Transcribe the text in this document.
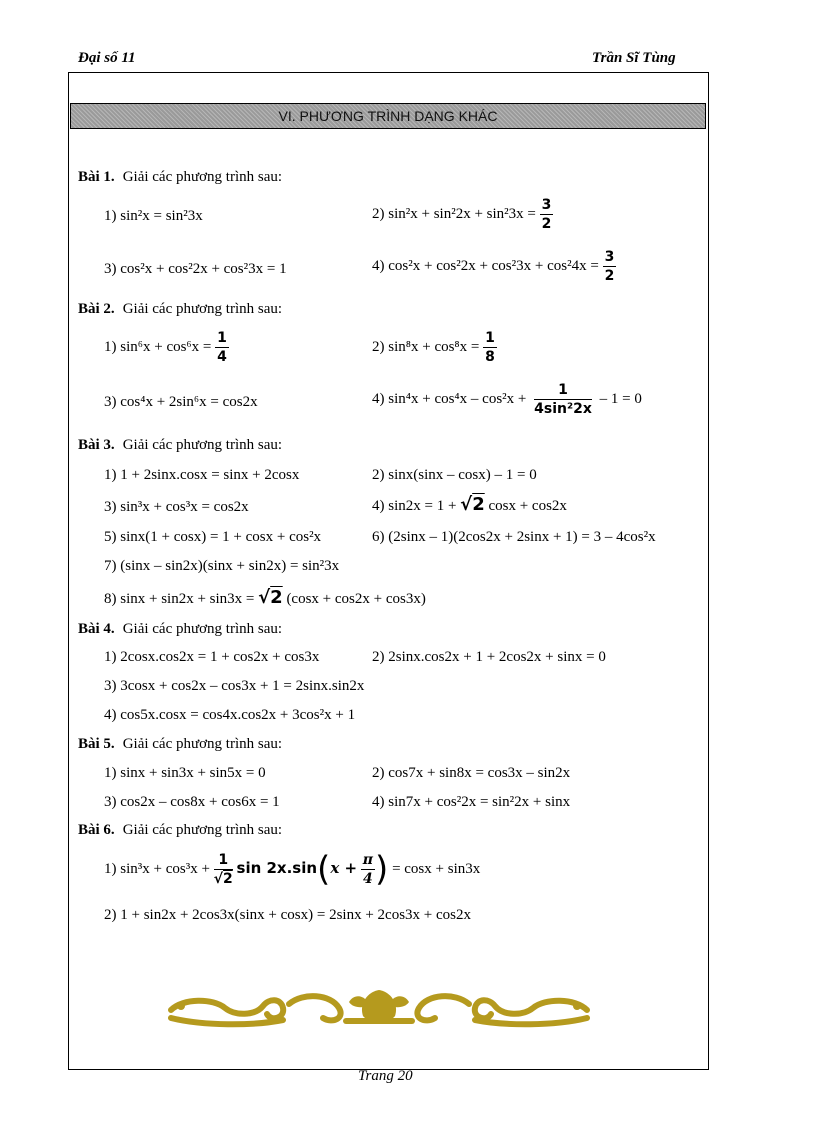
Đại số 11	Trần Sĩ Tùng
VI. PHƯƠNG TRÌNH DẠNG KHÁC
Bài 1. Giải các phương trình sau:
1) sin²x = sin²3x	2) $\sin^2x + \sin^22x + \sin^23x = \frac{3}{2}$
3) cos²x + cos²2x + cos²3x = 1	4) $\cos^2x + \cos^22x + \cos^23x + \cos^24x = \frac{3}{2}$
Bài 2. Giải các phương trình sau:
1) $\sin^6x + \cos^6x = \frac{1}{4}$	2) $\sin^8x + \cos^8x = \frac{1}{8}$
3) cos⁴x + 2sin⁶x = cos2x	4) $\sin^4x + \cos^4x - \cos^2x + \frac{1}{\text{4sin²2x}} - 1 = 0$
Bài 3. Giải các phương trình sau:
1) 1 + 2sinx.cosx = sinx + 2cosx	2) sinx(sinx – cosx) – 1 = 0
3) sin³x + cos³x = cos2x	4) sin2x = 1 + √2 cosx + cos2x
5) sinx(1 + cosx) = 1 + cosx + cos²x	6) (2sinx – 1)(2cos2x + 2sinx + 1) = 3 – 4cos²x
7) (sinx – sin2x)(sinx + sin2x) = sin²3x
8) sinx + sin2x + sin3x = √2 (cosx + cos2x + cos3x)
Bài 4. Giải các phương trình sau:
1) 2cosx.cos2x = 1 + cos2x + cos3x	2) 2sinx.cos2x + 1 + 2cos2x + sinx = 0
3) 3cosx + cos2x – cos3x + 1 = 2sinx.sin2x
4) cos5x.cosx = cos4x.cos2x + 3cos²x + 1
Bài 5. Giải các phương trình sau:
1) sinx + sin3x + sin5x = 0	2) cos7x + sin8x = cos3x – sin2x
3) cos2x – cos8x + cos6x = 1	4) sin7x + cos²2x = sin²2x + sinx
Bài 6. Giải các phương trình sau:
1) $\sin^3x + \cos^3x + \frac{1}{√2}$ $\sin 2x.\sin(x + \frac{\pi}{4}$ ) = cosx + sin3x
2) 1 + sin2x + 2cos3x(sinx + cosx) = 2sinx + 2cos3x + cos2x
Trang 20
